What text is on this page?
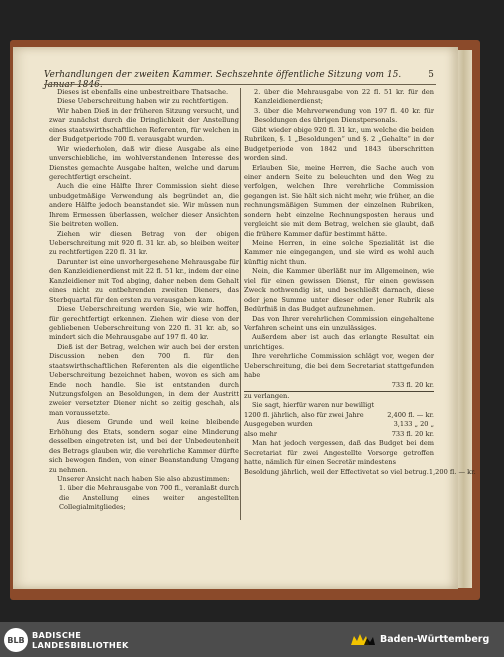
Verhandlungen der zweiten Kammer. Sechszehnte öffentliche Sitzung vom 15. Januar 1846.
5

Dieses ist ebenfalls eine unbestreitbare Thatsache.

Diese Ueberschreitung haben wir zu rechtfertigen.

Wir haben Dieß in der früheren Sitzung versucht, und zwar zunächst durch die Dringlichkeit der Anstellung eines staatswirthschaftlichen Referenten, für welchen in der Budgetperiode 700 fl. verausgabt wurden.

Wir wiederholen, daß wir diese Ausgabe als eine unverschiebliche, im wohlverstandenen Interesse des Dienstes gemachte Ausgabe halten, welche und darum gerechtfertigt erscheint.

Auch die eine Hälfte Ihrer Commission sieht diese unbudgetmäßige Verwendung als begründet an, die andere Hälfte jedoch beanstandet sie. Wir müssen nun Ihrem Ermessen überlassen, welcher dieser Ansichten Sie beitreten wollen.

Ziehen wir diesen Betrag von der obigen Ueberschreitung mit 920 fl. 31 kr. ab, so bleiben weiter zu rechtfertigen 220 fl. 31 kr.

Darunter ist eine unvorhergesehene Mehrausgabe für den Kanzleidienerdienst mit 22 fl. 51 kr., indem der eine Kanzleidiener mit Tod abging, daher neben dem Gehalt eines nicht zu entbehrenden zweiten Dieners, das Sterbquartal für den ersten zu verausgaben kam.

Diese Ueberschreitung werden Sie, wie wir hoffen, für gerechtfertigt erkennen. Ziehen wir diese von der gebliebenen Ueberschreitung von 220 fl. 31 kr. ab, so mindert sich die Mehrausgabe auf 197 fl. 40 kr.

Dieß ist der Betrag, welchen wir auch bei der ersten Discussion neben den 700 fl. für den staatswirthschaftlichen Referenten als die eigentliche Ueberschreitung bezeichnet haben, wovon es sich am Ende noch handle. Sie ist entstanden durch Nutzungsfolgen an Besoldungen, in dem der Austritt zweier versetzter Diener nicht so zeitig geschah, als man voraussetzte.

Aus diesem Grunde und weil keine bleibende Erhöhung des Etats, sondern sogar eine Minderung desselben eingetreten ist, und bei der Unbedeutenheit des Betrags glauben wir, die verehrliche Kammer dürfte sich bewogen finden, von einer Beanstandung Umgang zu nehmen.

Unserer Ansicht nach haben Sie also abzustimmen:

1. über die Mehrausgabe von 700 fl., veranlaßt durch die Anstellung eines weiter angestellten Collegialmitgliedes;

2. über die Mehrausgabe von 22 fl. 51 kr. für den Kanzleidienerdienst;

3. über die Mehrverwendung von 197 fl. 40 kr. für Besoldungen des übrigen Dienstpersonals.

Gibt wieder obige 920 fl. 31 kr., um welche die beiden Rubriken, §. 1 „Besoldungen“ und §. 2 „Gehalte“ in der Budgetperiode von 1842 und 1843 überschritten worden sind.

Erlauben Sie, meine Herren, die Sache auch von einer andern Seite zu beleuchten und den Weg zu verfolgen, welchen Ihre verehrliche Commission gegangen ist. Sie hält sich nicht mehr, wie früher, an die rechnungsmäßigen Summen der einzelnen Rubriken, sondern hebt einzelne Rechnungsposten heraus und vergleicht sie mit dem Betrag, welchen sie glaubt, daß die frühere Kammer dafür bestimmt hätte.

Meine Herren, in eine solche Spezialität ist die Kammer nie eingegangen, und sie wird es wohl auch künftig nicht thun.

Nein, die Kammer überläßt nur im Allgemeinen, wie viel für einen gewissen Dienst, für einen gewissen Zweck nothwendig ist, und beschließt darnach, diese oder jene Summe unter dieser oder jener Rubrik als Bedürfniß in das Budget aufzunehmen.

Das von Ihrer verehrlichen Commission eingehaltene Verfahren scheint uns ein unzulässiges.

Außerdem aber ist auch das erlangte Resultat ein unrichtiges.

Ihre verehrliche Commission schlägt vor, wegen der Ueberschreitung, die bei dem Secretariat stattgefunden habe

733 fl. 20 kr.

zu verlangen.

Sie sagt, hierfür waren nur bewilligt

1200 fl. jährlich, also für zwei Jahre	2,400 fl. — kr.
Ausgegeben wurden	3,133 „ 20 „
also mehr	733 fl. 20 kr.

Man hat jedoch vergessen, daß das Budget bei dem Secretariat für zwei Angestellte Vorsorge getroffen hatte, nämlich für einen Secretär mindestens

Besoldung jährlich, weil der Effectivetat so viel betrug. 1,200 fl. — kr.
BLB BADISCHE
LANDESBIBLIOTHEK	Baden-Württemberg
